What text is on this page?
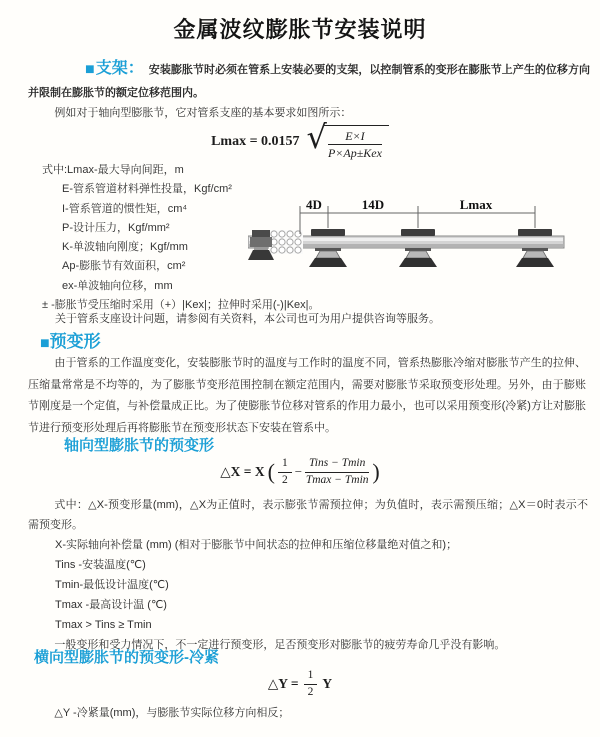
金属波纹膨胀节安装说明

■支架： 安装膨胀节时必须在管系上安装必要的支架，以控制管系的变形在膨胀节上产生的位移方向并限制在膨胀节的额定位移范围内。

例如对于轴向型膨胀节，它对管系支座的基本要求如图所示：
Lmax = 0.0157 √ $\frac{E\times I}{\text{P×Ap±Kex}}$
式中:Lmax-最大导向间距，m
E-管系管道材料弹性投量，Kgf/cm²
I-管系管道的惯性矩，cm⁴
P-设计压力，Kgf/mm²
K-单波轴向刚度；Kgf/mm
Ap-膨胀节有效面积，cm²
ex-单波轴向位移，mm
± -膨胀节受压缩时采用（+）|Kex|；拉伸时采用(-)|Kex|。
关于管系支座设计问题，请参阅有关资料，本公司也可为用户提供咨询等服务。
4D	14D	Lmax
■预变形

由于管系的工作温度变化，安装膨胀节时的温度与工作时的温度不同，管系热膨胀冷缩对膨胀节产生的拉伸、压缩量常常是不均等的，为了膨胀节变形范围控制在额定范围内，需要对膨胀节采取预变形处理。另外，由于膨账节刚度是一个定值，与补偿量成正比。为了使膨胀节位移对管系的作用力最小，也可以采用预变形(冷紧)方让对膨胀节进行预变形处理后再将膨胀节在预变形状态下安装在管系中。

轴向型膨胀节的预变形
△X = X ( $\frac{1}{2} - \frac{\text{Tins − Tmin}}{Tmax - Tmin}$ )
式中：△X-预变形量(mm)，△X为正值时，表示膨张节需预拉伸；为负值时，表示需预压缩；△X＝0时表示不需预变形。
X-实际轴向补偿量 (mm) (相对于膨胀节中间状态的拉伸和压缩位移量绝对值之和)；
Tins -安装温度(℃)
Tmin-最低设计温度(℃)
Tmax -最高设计温 (℃)
Tmax > Tins ≥ Tmin
一般变形和受力情况下，不一定进行预变形，足否预变形对膨胀节的疲劳寿命几乎没有影响。
横向型膨胀节的预变形-冷紧
△Y = $\frac{1}{2}$ Y
△Y -冷紧量(mm)，与膨胀节实际位移方向相反；
